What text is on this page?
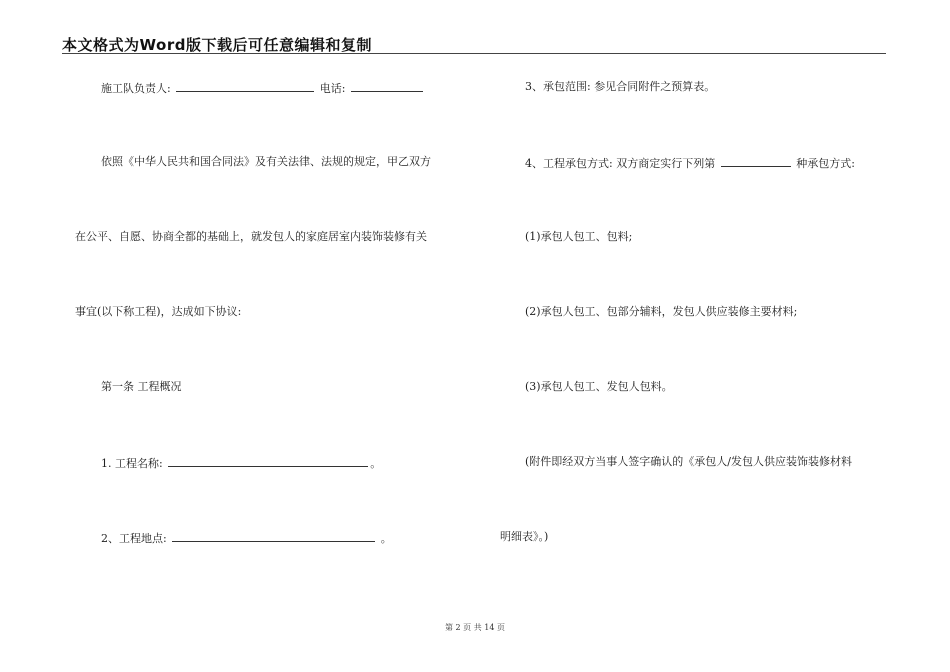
本文格式为Word版下载后可任意编辑和复制
施工队负责人:	电话:
依照《中华人民共和国合同法》及有关法律、法规的规定，甲乙双方
在公平、自愿、协商全都的基础上，就发包人的家庭居室内装饰装修有关
事宜(以下称工程)，达成如下协议:
第一条 工程概况
1. 工程名称:	。
2、工程地点:	。
3、承包范围: 参见合同附件之预算表。
4、工程承包方式: 双方商定实行下列第	种承包方式:
(1)承包人包工、包料;
(2)承包人包工、包部分辅料，发包人供应装修主要材料;
(3)承包人包工、发包人包料。
(附件即经双方当事人签字确认的《承包人/发包人供应装饰装修材料
明细表》。)
第 2 页 共 14 页
